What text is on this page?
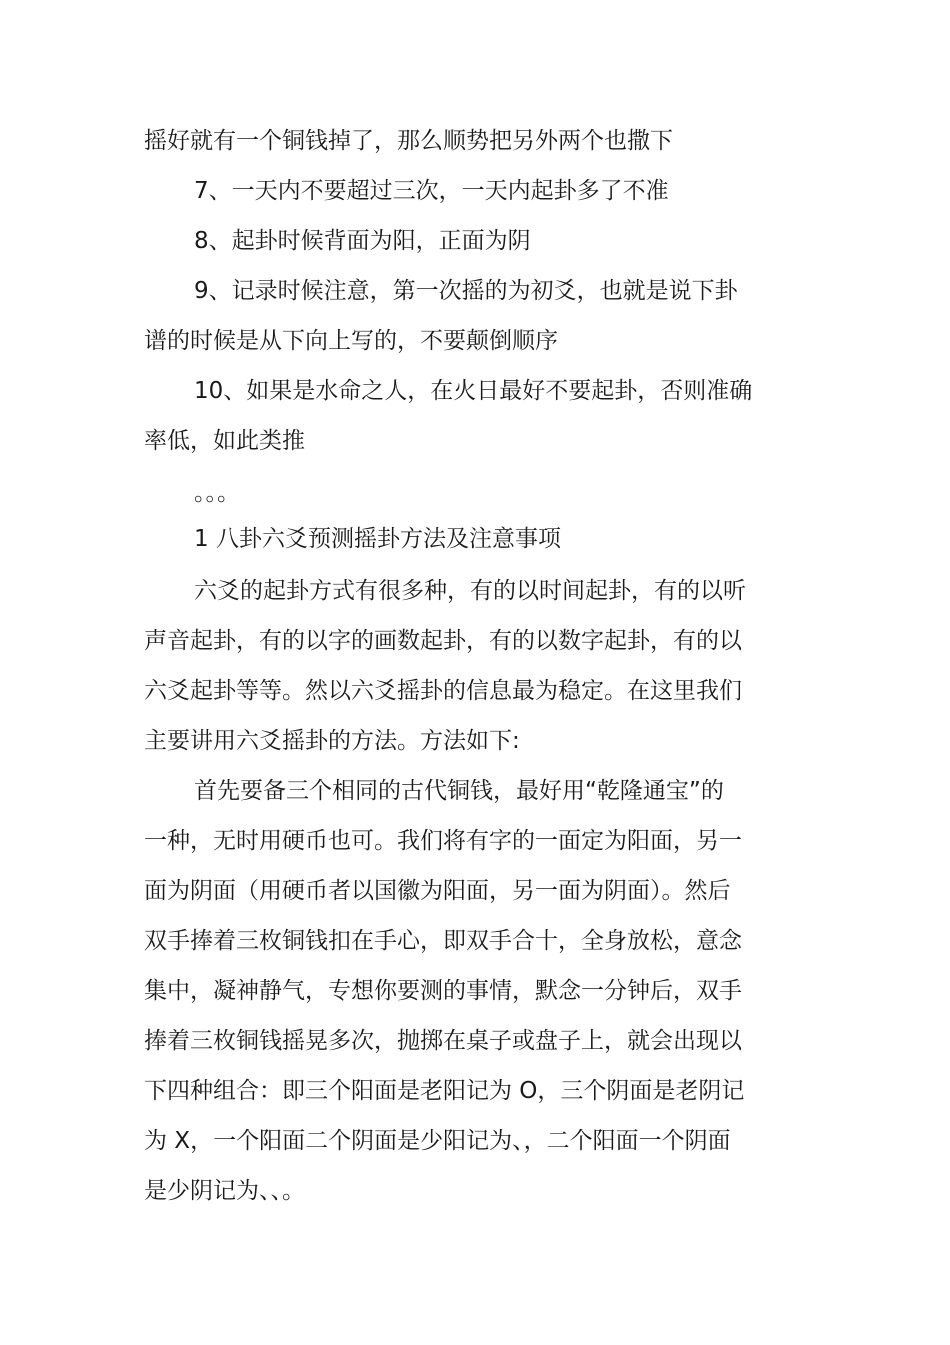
摇好就有一个铜钱掉了，那么顺势把另外两个也撒下

7、一天内不要超过三次，一天内起卦多了不准

8、起卦时候背面为阳，正面为阴

9、记录时候注意，第一次摇的为初爻，也就是说下卦

谱的时候是从下向上写的，不要颠倒顺序

10、如果是水命之人，在火日最好不要起卦，否则准确

率低，如此类推

。。。

1 八卦六爻预测摇卦方法及注意事项

六爻的起卦方式有很多种，有的以时间起卦，有的以听

声音起卦，有的以字的画数起卦，有的以数字起卦，有的以

六爻起卦等等。然以六爻摇卦的信息最为稳定。在这里我们

主要讲用六爻摇卦的方法。方法如下:

首先要备三个相同的古代铜钱，最好用“乾隆通宝”的

一种，无时用硬币也可。我们将有字的一面定为阳面，另一

面为阴面（用硬币者以国徽为阳面，另一面为阴面）。然后

双手捧着三枚铜钱扣在手心，即双手合十，全身放松，意念

集中，凝神静气，专想你要测的事情，默念一分钟后，双手

捧着三枚铜钱摇晃多次，抛掷在桌子或盘子上，就会出现以

下四种组合：即三个阳面是老阳记为 O，三个阴面是老阴记

为 X，一个阳面二个阴面是少阳记为、，二个阳面一个阴面

是少阴记为、、。
